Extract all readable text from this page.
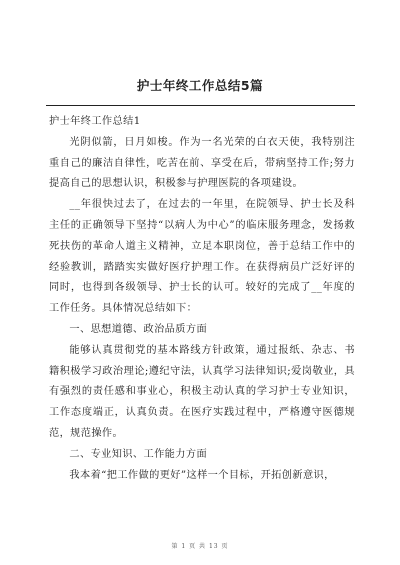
护士年终工作总结5篇

护士年终工作总结1

光阴似箭，日月如梭。作为一名光荣的白衣天使，我特别注重自己的廉洁自律性，吃苦在前、享受在后，带病坚持工作;努力提高自己的思想认识，积极参与护理医院的各项建设。

__年很快过去了，在过去的一年里，在院领导、护士长及科主任的正确领导下坚持“以病人为中心”的临床服务理念，发扬救死扶伤的革命人道主义精神，立足本职岗位，善于总结工作中的经验教训，踏踏实实做好医疗护理工作。在获得病员广泛好评的同时，也得到各级领导、护士长的认可。较好的完成了__年度的工作任务。具体情况总结如下：

一、思想道德、政治品质方面

能够认真贯彻党的基本路线方针政策，通过报纸、杂志、书籍积极学习政治理论;遵纪守法，认真学习法律知识;爱岗敬业，具有强烈的责任感和事业心，积极主动认真的学习护士专业知识，工作态度端正，认真负责。在医疗实践过程中，严格遵守医德规范，规范操作。

二、专业知识、工作能力方面

我本着“把工作做的更好”这样一个目标，开拓创新意识，

第 1 页 共 13 页
